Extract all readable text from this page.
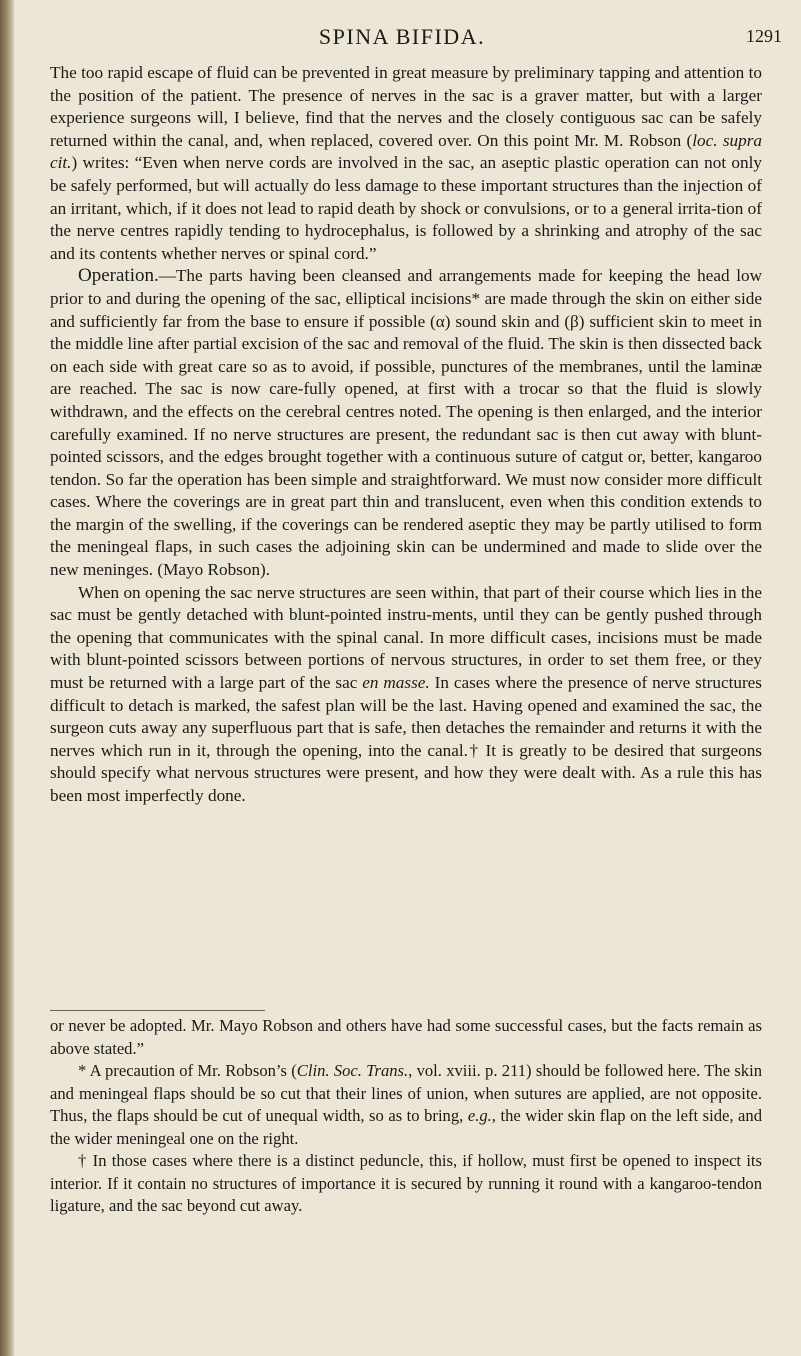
SPINA BIFIDA.	1291

The too rapid escape of fluid can be prevented in great measure by preliminary tapping and attention to the position of the patient. The presence of nerves in the sac is a graver matter, but with a larger experience surgeons will, I believe, find that the nerves and the closely contiguous sac can be safely returned within the canal, and, when replaced, covered over. On this point Mr. M. Robson (loc. supra cit.) writes: “Even when nerve cords are involved in the sac, an aseptic plastic operation can not only be safely performed, but will actually do less damage to these important structures than the injection of an irritant, which, if it does not lead to rapid death by shock or convulsions, or to a general irrita-tion of the nerve centres rapidly tending to hydrocephalus, is followed by a shrinking and atrophy of the sac and its contents whether nerves or spinal cord.”

Operation.—The parts having been cleansed and arrangements made for keeping the head low prior to and during the opening of the sac, elliptical incisions* are made through the skin on either side and sufficiently far from the base to ensure if possible (α) sound skin and (β) sufficient skin to meet in the middle line after partial excision of the sac and removal of the fluid. The skin is then dissected back on each side with great care so as to avoid, if possible, punctures of the membranes, until the laminæ are reached. The sac is now care-fully opened, at first with a trocar so that the fluid is slowly withdrawn, and the effects on the cerebral centres noted. The opening is then enlarged, and the interior carefully examined. If no nerve structures are present, the redundant sac is then cut away with blunt-pointed scissors, and the edges brought together with a continuous suture of catgut or, better, kangaroo tendon. So far the operation has been simple and straightforward. We must now consider more difficult cases. Where the coverings are in great part thin and translucent, even when this condition extends to the margin of the swelling, if the coverings can be rendered aseptic they may be partly utilised to form the meningeal flaps, in such cases the adjoining skin can be undermined and made to slide over the new meninges. (Mayo Robson).

When on opening the sac nerve structures are seen within, that part of their course which lies in the sac must be gently detached with blunt-pointed instru-ments, until they can be gently pushed through the opening that communicates with the spinal canal. In more difficult cases, incisions must be made with blunt-pointed scissors between portions of nervous structures, in order to set them free, or they must be returned with a large part of the sac en masse. In cases where the presence of nerve structures difficult to detach is marked, the safest plan will be the last. Having opened and examined the sac, the surgeon cuts away any superfluous part that is safe, then detaches the remainder and returns it with the nerves which run in it, through the opening, into the canal.† It is greatly to be desired that surgeons should specify what nervous structures were present, and how they were dealt with. As a rule this has been most imperfectly done.

or never be adopted. Mr. Mayo Robson and others have had some successful cases, but the facts remain as above stated.”

* A precaution of Mr. Robson’s (Clin. Soc. Trans., vol. xviii. p. 211) should be followed here. The skin and meningeal flaps should be so cut that their lines of union, when sutures are applied, are not opposite. Thus, the flaps should be cut of unequal width, so as to bring, e.g., the wider skin flap on the left side, and the wider meningeal one on the right.

† In those cases where there is a distinct peduncle, this, if hollow, must first be opened to inspect its interior. If it contain no structures of importance it is secured by running it round with a kangaroo-tendon ligature, and the sac beyond cut away.
